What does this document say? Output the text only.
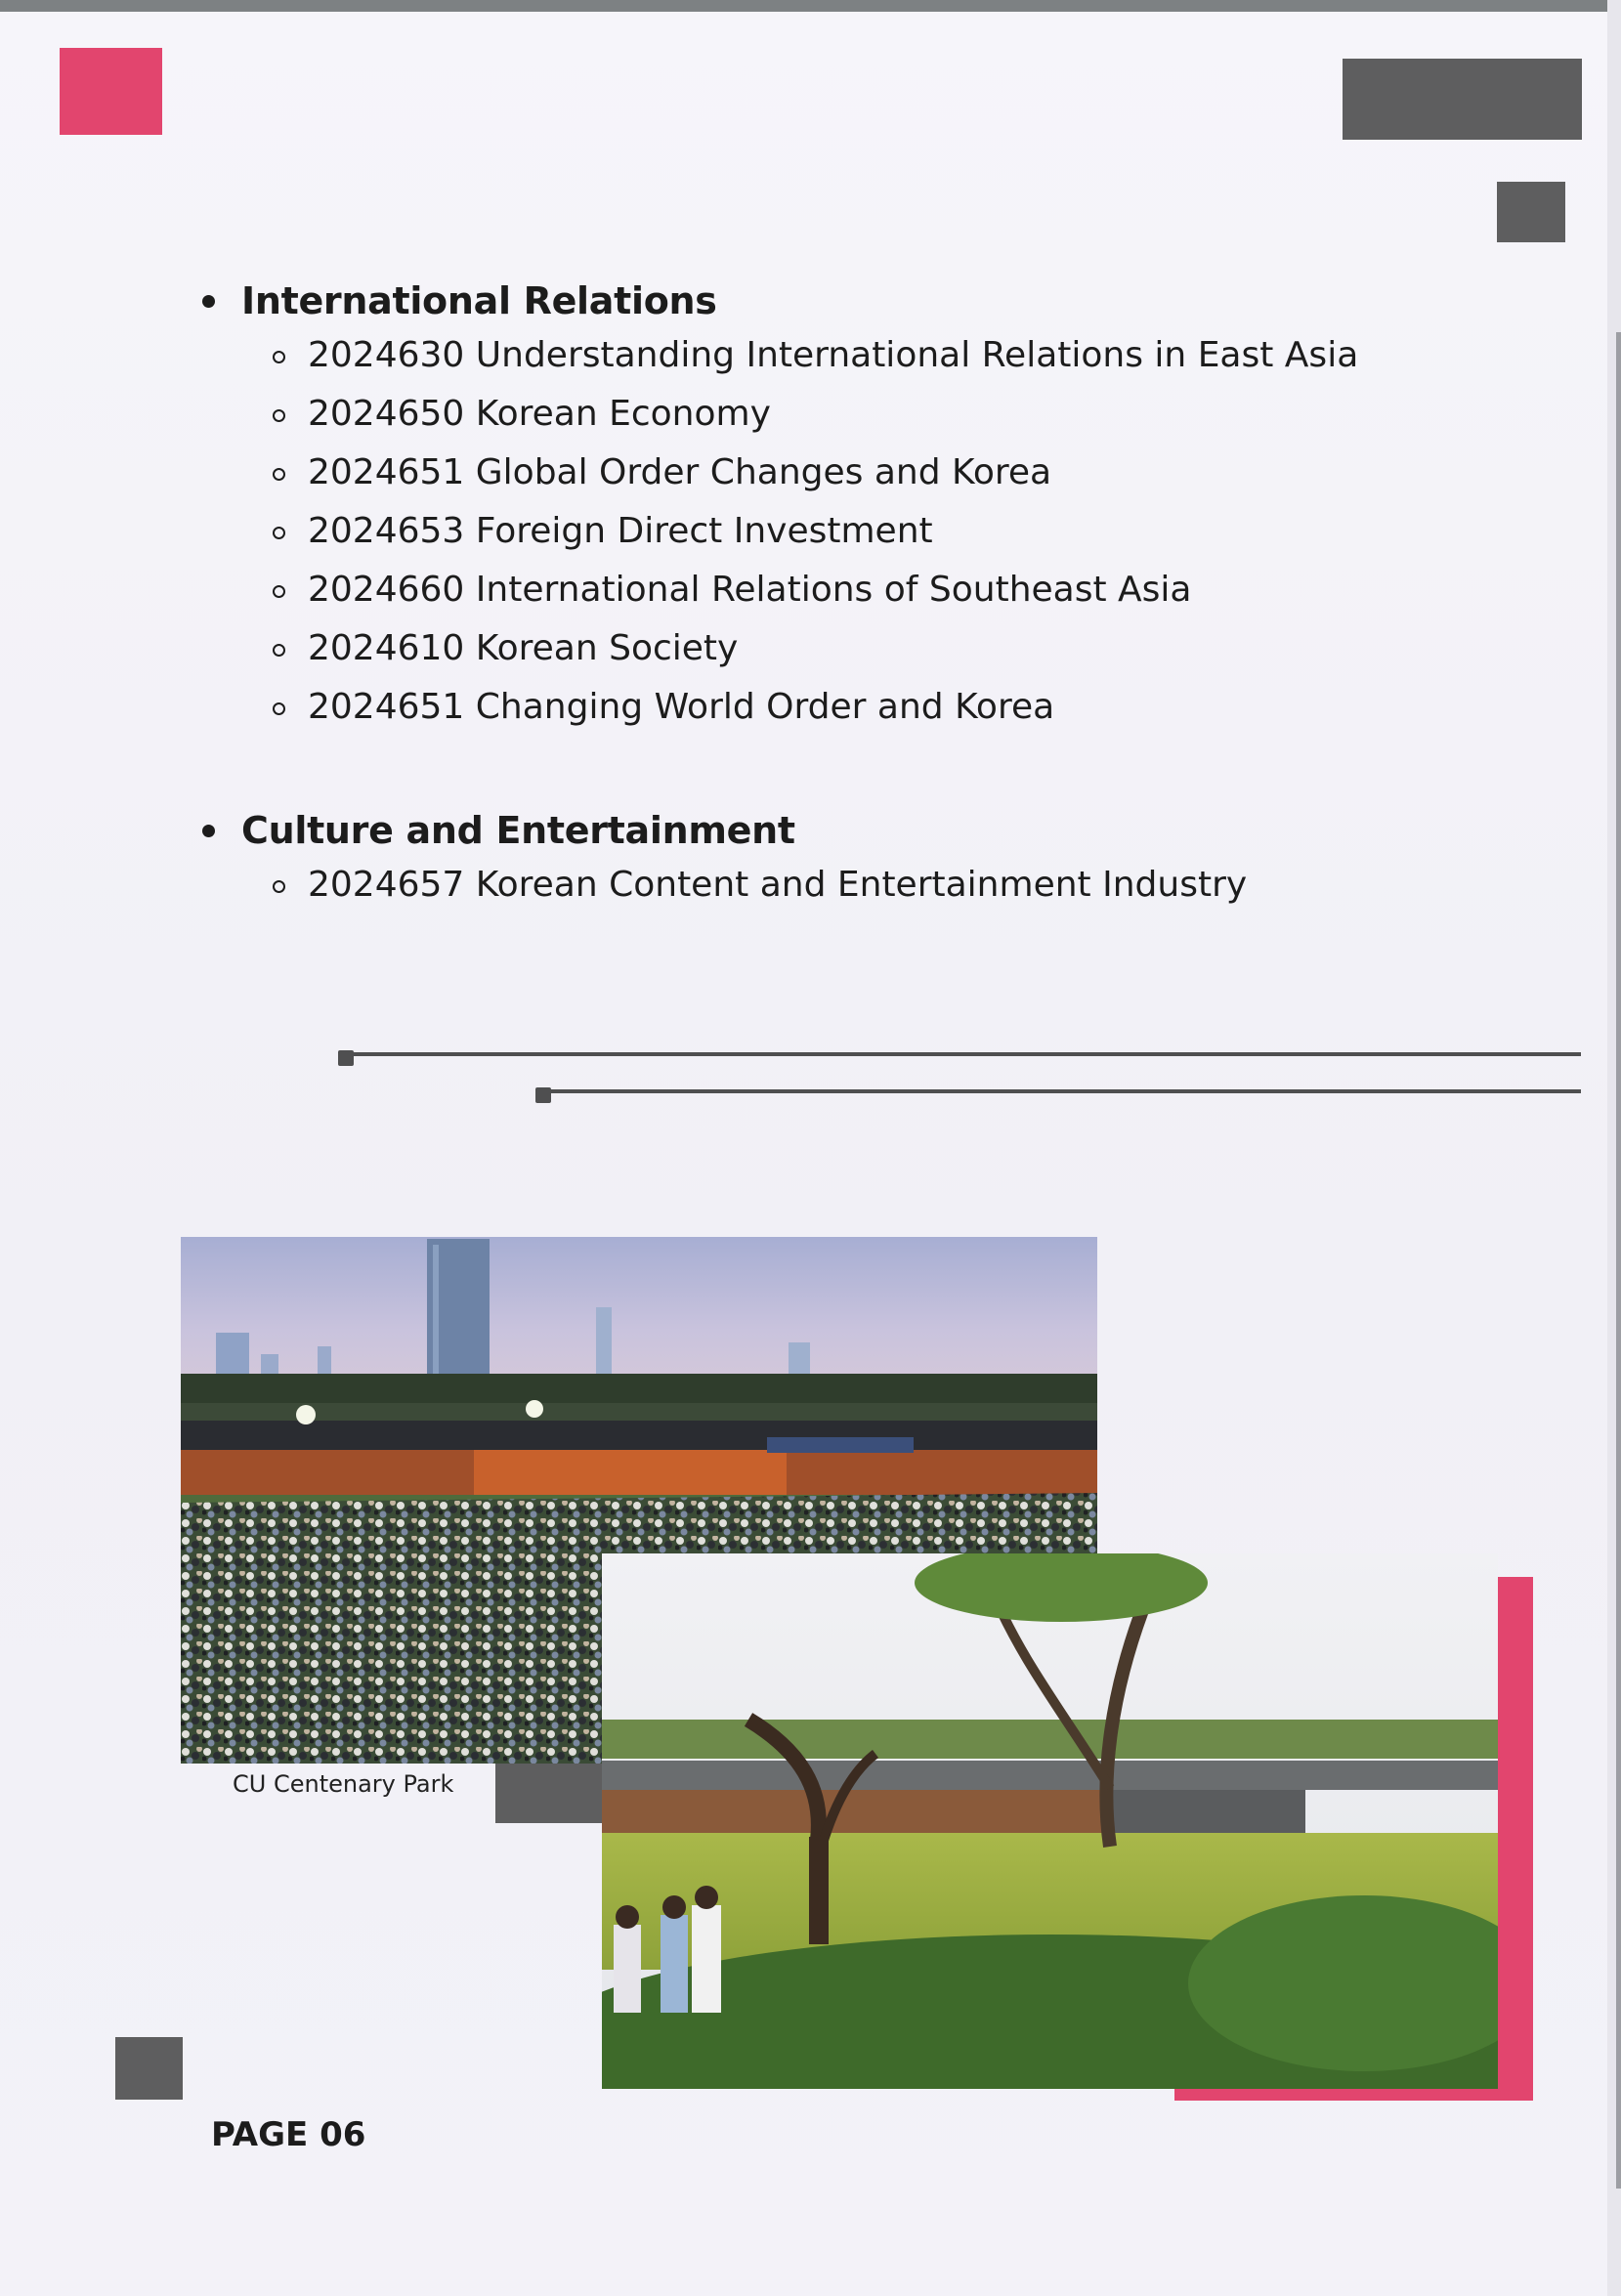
International Relations
2024630 Understanding International Relations in East Asia
2024650 Korean Economy
2024651 Global Order Changes and Korea
2024653 Foreign Direct Investment
2024660 International Relations of Southeast Asia
2024610 Korean Society
2024651 Changing World Order and Korea
Culture and Entertainment
2024657 Korean Content and Entertainment Industry
CU Centenary Park
PAGE 06
